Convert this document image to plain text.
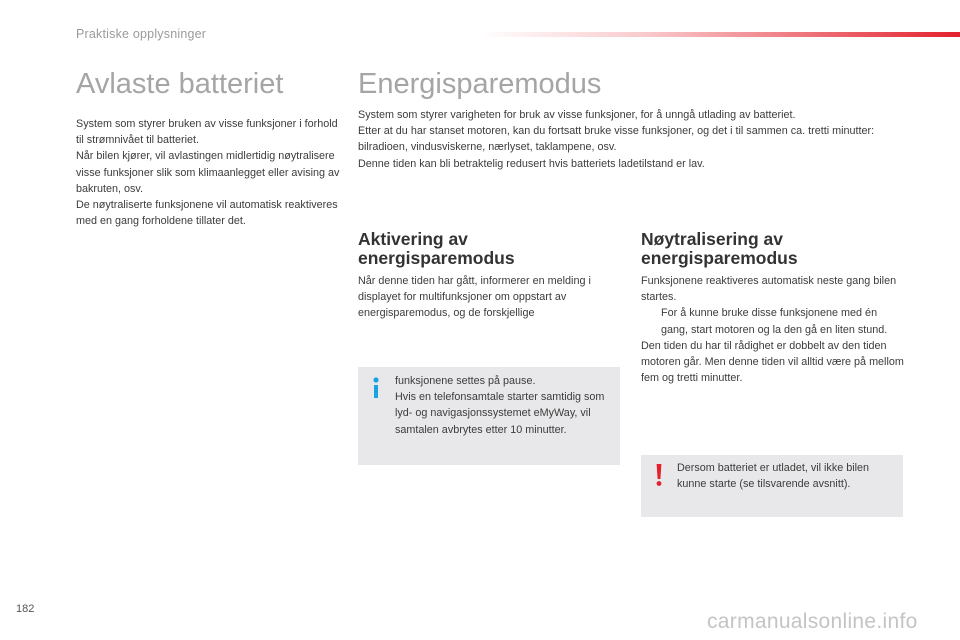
Praktiske opplysninger
Avlaste batteriet

System som styrer bruken av visse funksjoner i forhold til strømnivået til batteriet.

Når bilen kjører, vil avlastingen midlertidig nøytralisere visse funksjoner slik som klimaanlegget eller avising av bakruten, osv.

De nøytraliserte funksjonene vil automatisk reaktiveres med en gang forholdene tillater det.

Energisparemodus

System som styrer varigheten for bruk av visse funksjoner, for å unngå utlading av batteriet.

Etter at du har stanset motoren, kan du fortsatt bruke visse funksjoner, og det i til sammen ca. tretti minutter: bilradioen, vindusviskerne, nærlyset, taklampene, osv.

Denne tiden kan bli betraktelig redusert hvis batteriets ladetilstand er lav.

Aktivering av energisparemodus
Når denne tiden har gått, informerer en melding i displayet for multifunksjoner om oppstart av energisparemodus, og de forskjellige
funksjonene settes på pause.
Hvis en telefonsamtale starter samtidig som lyd- og navigasjonssystemet eMyWay, vil samtalen avbrytes etter 10 minutter.
Nøytralisering av energisparemodus

Funksjonene reaktiveres automatisk neste gang bilen startes.

For å kunne bruke disse funksjonene med én gang, start motoren og la den gå en liten stund.

Den tiden du har til rådighet er dobbelt av den tiden motoren går. Men denne tiden vil alltid være på mellom fem og tretti minutter.

Dersom batteriet er utladet, vil ikke bilen kunne starte (se tilsvarende avsnitt).
182
carmanualsonline.info
